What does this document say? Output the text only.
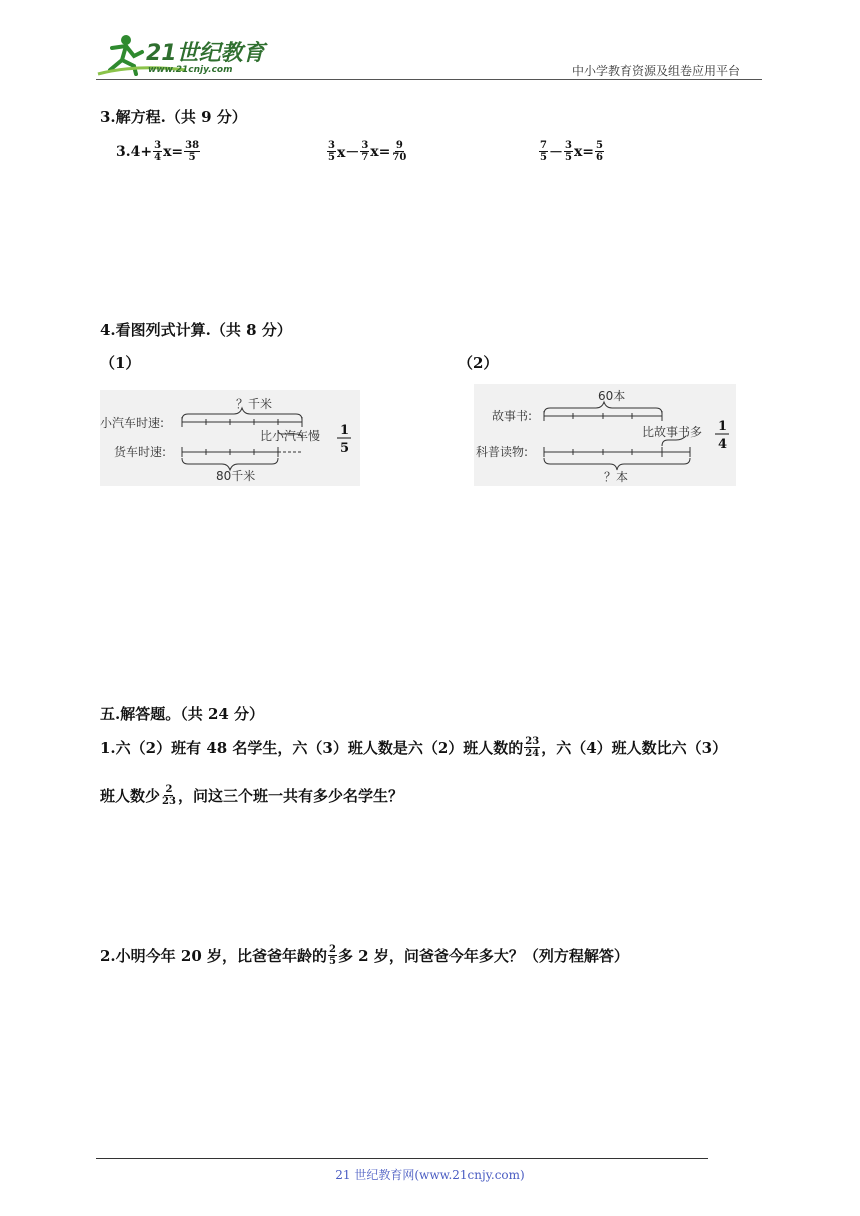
21世纪教育
www.21cnjy.com	中小学教育资源及组卷应用平台
3.解方程.（共 9 分）
$3.4+ \frac{3}{4} x= \frac{38}{5}$	$\frac{3}{5} x- \frac{3}{7} x= \frac{9}{70}$	$\frac{7}{5} - \frac{3}{5} x= \frac{5}{6}$
4.看图列式计算.（共 8 分）
（1）	（2）
？千米
小汽车时速:
比小汽车慢
货车时速:
80千米
1
5
60本
故事书:
比故事书多
科普读物:
？本
1
4
五.解答题。（共 24 分）
1.六（2）班有 48 名学生，六（3）班人数是六（2）班人数的 $\frac{23}{24}$ ，六（4）班人数比六（3）
班人数少 $\frac{2}{23}$ ，问这三个班一共有多少名学生？
2.小明今年 20 岁，比爸爸年龄的 $\frac{2}{5}$ 多 2 岁，问爸爸今年多大？（列方程解答）
21 世纪教育网(www.21cnjy.com)
